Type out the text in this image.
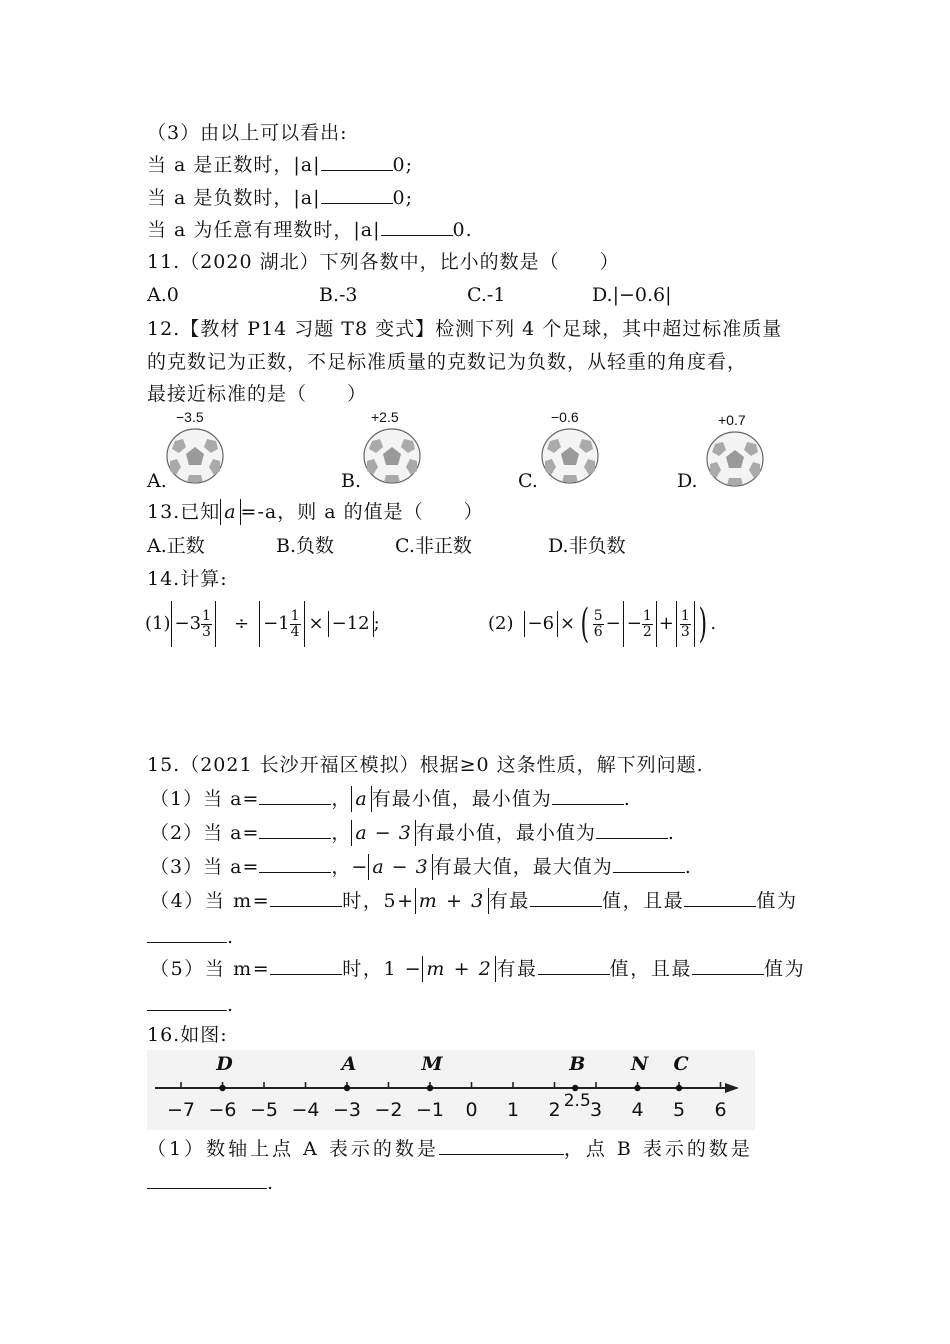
（3）由以上可以看出:
当 a 是正数时，|a|	0;
当 a 是负数时，|a|	0;
当 a 为任意有理数时，|a|	0.
11.（2020 湖北）下列各数中，比小的数是（　　）
A.0	B.-3	C.-1	D.|−0.6|
12.【教材 P14 习题 T8 变式】检测下列 4 个足球，其中超过标准质量
的克数记为正数，不足标准质量的克数记为负数，从轻重的角度看，
最接近标准的是（　　）
−3.5
A.
+2.5
B.
−0.6
C.
+0.7
D.
13.已知 a =-a，则 a 的值是（　　）
A.正数	B.负数	C.非正数	D.非负数
14.计算:
$(1) -3 \frac{1}{3} \div -1 \frac{1}{4} \times -12$ ;	(2) −6 × ( $\frac{5}{6}$ − − $\frac{1}{2} + \frac{1}{3}$ ) .
15.（2021 长沙开福区模拟）根据≥0 这条性质，解下列问题.
（1）当 a=	， a 有最小值，最小值为	.
（2）当 a=	， a − 3 有最小值，最小值为	.
（3）当 a=	，− a − 3 有最大值，最大值为	.
（4）当 m=	时，5+ m + 3 有最	值，且最	值为
.
（5）当 m=	时，1 − m + 2 有最	值，且最	值为
.
16.如图:
−7 −6 −5 −4 −3 −2 −1 0 1 2 3 4 5 6
D	A	M	B N C
2.5
（1）数轴上点 A 表示的数是	，点 B 表示的数是
.
